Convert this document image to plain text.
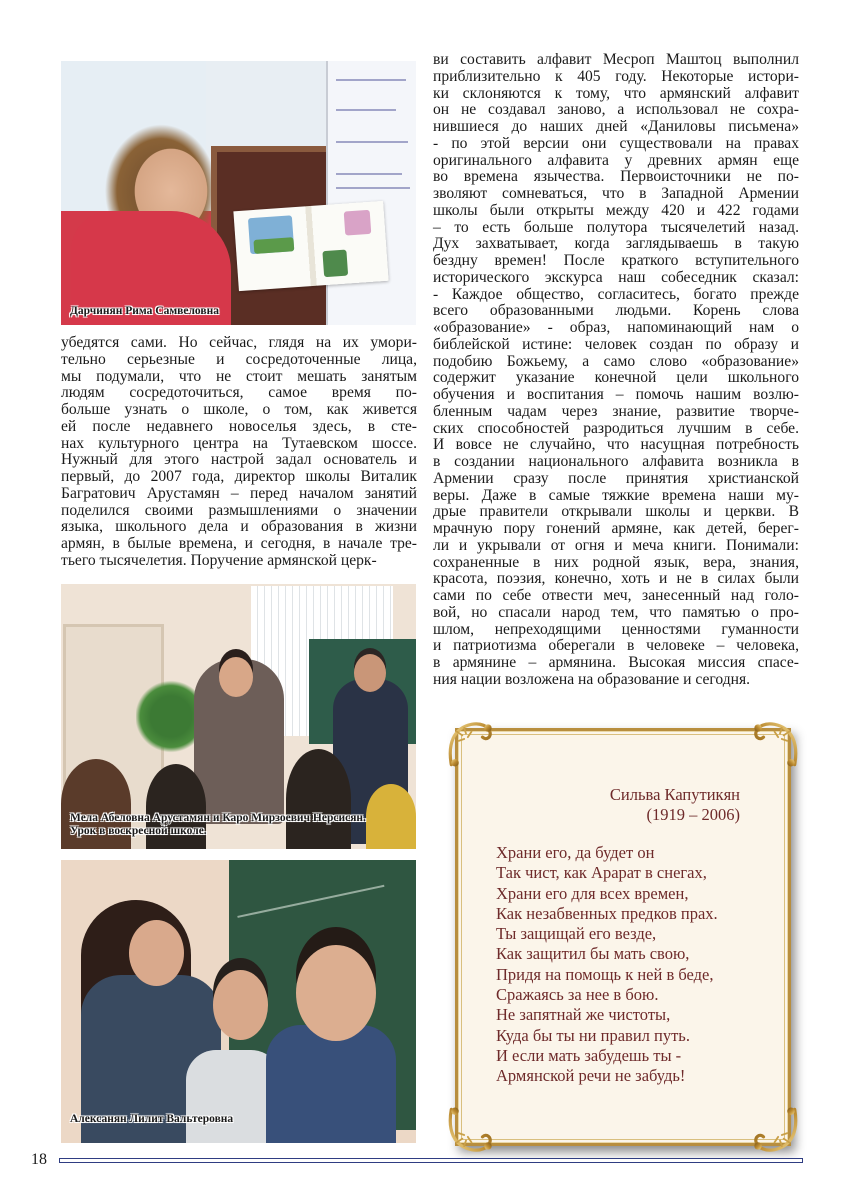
Дарчинян Рима Самвеловна
убедятся сами. Но сейчас, глядя на их умори-
тельно серьезные и сосредоточенные лица,
мы подумали, что не стоит мешать занятым
людям сосредоточиться, самое время по-
больше узнать о школе, о том, как живется
ей после недавнего новоселья здесь, в сте-
нах культурного центра на Тутаевском шоссе.
Нужный для этого настрой задал основатель и
первый, до 2007 года, директор школы Виталик
Багратович Арустамян – перед началом занятий
поделился своими размышлениями о значении
языка, школьного дела и образования в жизни
армян, в былые времена, и сегодня, в начале тре-
тьего тысячелетия. Поручение армянской церк-
Мела Абеловна Арустамян и Каро Мирзоевич Нерсисян.
Урок в воскресной школе.
Алексанян Лилит Вальтеровна
ви составить алфавит Месроп Маштоц выполнил
приблизительно к 405 году. Некоторые истори-
ки склоняются к тому, что армянский алфавит
он не создавал заново, а использовал не сохра-
нившиеся до наших дней «Даниловы письмена»
- по этой версии они существовали на правах
оригинального алфавита у древних армян еще
во времена язычества. Первоисточники не по-
зволяют сомневаться, что в Западной Армении
школы были открыты между 420 и 422 годами
– то есть больше полутора тысячелетий назад.
Дух захватывает, когда заглядываешь в такую
бездну времен! После краткого вступительного
исторического экскурса наш собеседник сказал:
- Каждое общество, согласитесь, богато прежде
всего образованными людьми. Корень слова
«образование» - образ, напоминающий нам о
библейской истине: человек создан по образу и
подобию Божьему, а само слово «образование»
содержит указание конечной цели школьного
обучения и воспитания – помочь нашим возлю-
бленным чадам через знание, развитие творче-
ских способностей разродиться лучшим в себе.
И вовсе не случайно, что насущная потребность
в создании национального алфавита возникла в
Армении сразу после принятия христианской
веры. Даже в самые тяжкие времена наши му-
дрые правители открывали школы и церкви. В
мрачную пору гонений армяне, как детей, берег-
ли и укрывали от огня и меча книги. Понимали:
сохраненные в них родной язык, вера, знания,
красота, поэзия, конечно, хоть и не в силах были
сами по себе отвести меч, занесенный над голо-
вой, но спасали народ тем, что памятью о про-
шлом, непреходящими ценностями гуманности
и патриотизма оберегали в человеке – человека,
в армянине – армянина. Высокая миссия спасе-
ния нации возложена на образование и сегодня.
Сильва Капутикян
(1919 – 2006)
Храни его, да будет он
Так чист, как Арарат в снегах,
Храни его для всех времен,
Как незабвенных предков прах.
Ты защищай его везде,
Как защитил бы мать свою,
Придя на помощь к ней в беде,
Сражаясь за нее в бою.
Не запятнай же чистоты,
Куда бы ты ни правил путь.
И если мать забудешь ты -
Армянской речи не забудь!
18
